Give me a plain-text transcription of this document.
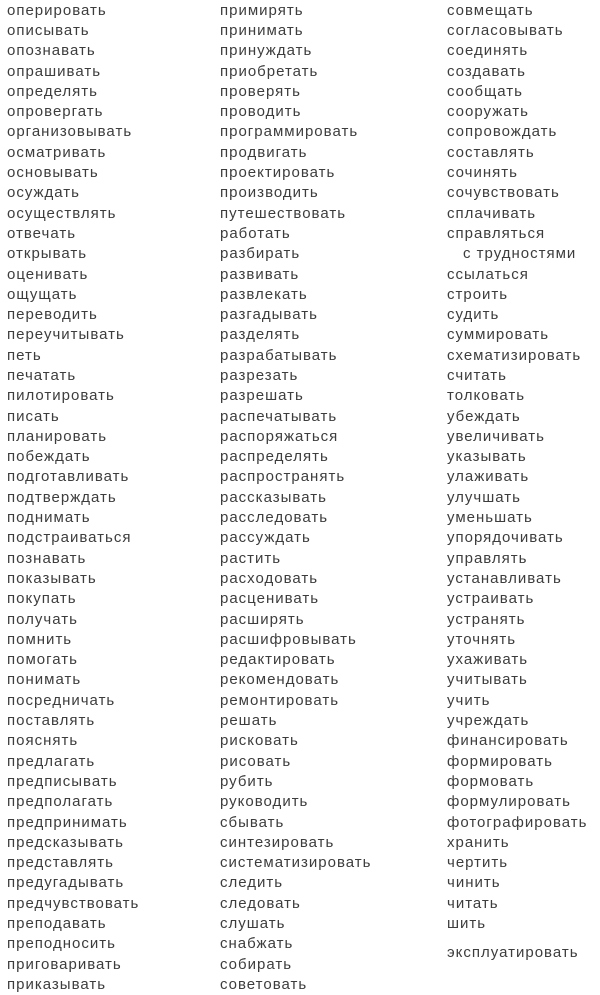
оперировать
описывать
опознавать
опрашивать
определять
опровергать
организовывать
осматривать
основывать
осуждать
осуществлять
отвечать
открывать
оценивать
ощущать
переводить
переучитывать
петь
печатать
пилотировать
писать
планировать
побеждать
подготавливать
подтверждать
поднимать
подстраиваться
познавать
показывать
покупать
получать
помнить
помогать
понимать
посредничать
поставлять
пояснять
предлагать
предписывать
предполагать
предпринимать
предсказывать
представлять
предугадывать
предчувствовать
преподавать
преподносить
приговаривать
приказывать
примирять
принимать
принуждать
приобретать
проверять
проводить
программировать
продвигать
проектировать
производить
путешествовать
работать
разбирать
развивать
развлекать
разгадывать
разделять
разрабатывать
разрезать
разрешать
распечатывать
распоряжаться
распределять
распространять
рассказывать
расследовать
рассуждать
растить
расходовать
расценивать
расширять
расшифровывать
редактировать
рекомендовать
ремонтировать
решать
рисковать
рисовать
рубить
руководить
сбывать
синтезировать
систематизировать
следить
следовать
слушать
снабжать
собирать
советовать
совмещать
согласовывать
соединять
создавать
сообщать
сооружать
сопровождать
составлять
сочинять
сочувствовать
сплачивать
справляться
с трудностями
ссылаться
строить
судить
суммировать
схематизировать
считать
толковать
убеждать
увеличивать
указывать
улаживать
улучшать
уменьшать
упорядочивать
управлять
устанавливать
устраивать
устранять
уточнять
ухаживать
учитывать
учить
учреждать
финансировать
формировать
формовать
формулировать
фотографировать
хранить
чертить
чинить
читать
шить
эксплуатировать
